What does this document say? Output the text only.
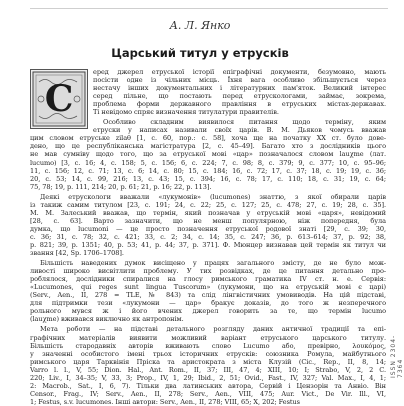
А. Л. Янко
Царський титул у етрусків
С
еред джерел етруської історії епіграфічні документи, безумовно, мають
посісти одне із чільних місць. Їхня вага особливо збільшується через
нестачу інших документальних і літературних пам'яток. Великий інтерес
серед пільне, що постають перед етрускологами, займає, зокрема,
проблема форми державного правління в етруських містах-державах.
Ті невідомо спряє визначення титулатури правителів.
Особливо складним виявилося питання щодо терміну, яким
етруски у написах називали своїх царів. В. М. Дьяков чомусь вважав
цим словом етруське zilaθ [1, с. 60, пор.: с. 58], хоча ще на початку XX ст. було дове-
дено, що це республіканська магістратура [2, с. 45–49]. Багато хто з дослідників цього
не мав сумніву щодо того, що за етруської мові «цар» позначалося словом lauχme (лат.
lucumo) [3, с. 16; 4, с. 158; 5, с. 156; 6, с. 224; 7, с. 98; 8, с. 379; 9, с. 377; 10, с. 95–96;
11, с. 156; 12, с. 71; 13, с. 6; 14, с. 80; 15, с. 184; 16, с. 72; 17, с. 37; 18, с. 19; 19, с. 36;
20, с. 53; 14, с. 99, 216; 13, с. 43; 15, с. 394; 16, с. 78; 17, с. 110; 18, с. 31; 19, с. 64;
75, 78; 19, р. 111, 214; 20, р. 61; 21, р. 16; 22, р. 113].
Деякі етрускологи вважали «лукумонів» (lucumones) знаттю, з якої обирали царів
із такиж самим титулом [23, с. 191; 24, с. 22; 25, с. 127; 25, с. 478; 27, с. 19; 28, с. 35].
М. М. Залеський вважав, що термін, який позначав у етруській мові «царя», невідомий
[28, с. 63]. Варто зазначити, що не менш популярною, ніж попередня, була
думка, що lucumoni — це просто позначення етруської родової знаті [29, с. 39; 30,
с. 36; 31, с. 78; 32, с. 421; 33, с. 2; 34, с. 14; 35, с. 247; 36, р. 613–614; 37, р. 92; 38,
р. 821; 39, р. 1351; 40, р. 53; 41, р. 44; 37, р. 371]. Ф. Мюнцер визнавав цей термін як титул чи
звання [42, Sp. 1706–1708].
Більшість наведених думок висіщено у працях загального змісту, де не було мож-
ливості широко висвітлити проблему. У тих розвідках, де це питання детально про-
роблялося, дослідники спиралися на глосу римського граматика IV ст. н. е. Сервія:
«Lucumones, qui reges sunt lingua Tuscorum» (лукумони, що на етруській мові є царі)
(Serv., Aen., II, 278 = TLE, № 843) та слід лінгвістичних умовиводів. На цій підставі,
для підтримки тези «лукумони — цар» бракує доказів, до того ж незперечного
рольного мувся ж і його вчених джерел говорить за те, що термін lucumo
(lauχme) вживався виключно як антропонім.
Мета роботи — на підставі детального розгляду даних античної традиції та епі-
графічних матеріалів виявити можливий варіант етруського царського титулу.
Більшість стародавніх авторів вживають слово Lucumo або, превірно, λουκόμος,
у значенні особистого імені трьох історичних етрусків: союзника Ромула, майбутнього
римського царя Тарквінія Пріска та аристократа з міста Клузій (Cic., Rep., II, 8, 14;
Varro l. l., V, 55; Dion. Hal., Ant. Rom., II, 37; III, 47, 4; XIII, 10; I; Strabo, V, 2, 2 C.
220; Liv., I, 34–35; V, 33, 3; Prop., IV, 1, 29; Ibid., 2, 51; Ovid., Fast., IV, 327; Val. Max., I, 4, 1;
2: Macrob., Sat., I, 6, 7). Тільки два латинських автора, Сервій і Цензорін та Анвіо. Він
Censor., Frag., IV; Serv., Aen., II, 278; Serv., Aen., VIII, 475; Aur. Vict., De Vir. Ill., VI,
1; Festus, s.v. lucumones. Інші автори: Serv., Aen., II, 278; VIII, 65; X, 202; Festus
ISSN 2304-7364
